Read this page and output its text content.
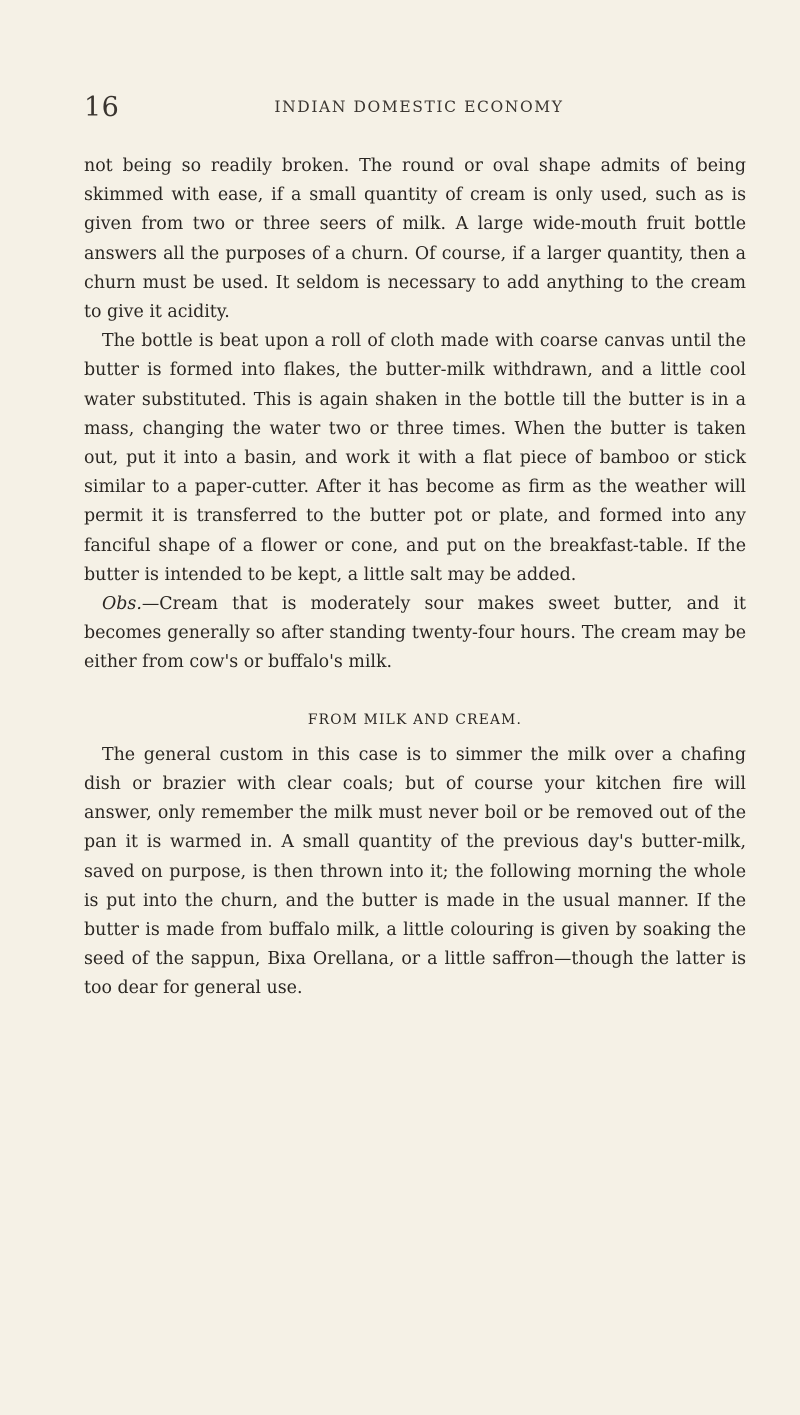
16	INDIAN DOMESTIC ECONOMY

not being so readily broken. The round or oval shape admits of being skimmed with ease, if a small quantity of cream is only used, such as is given from two or three seers of milk. A large wide-mouth fruit bottle answers all the purposes of a churn. Of course, if a larger quantity, then a churn must be used. It seldom is necessary to add anything to the cream to give it acidity.

The bottle is beat upon a roll of cloth made with coarse canvas until the butter is formed into flakes, the butter-milk withdrawn, and a little cool water substituted. This is again shaken in the bottle till the butter is in a mass, changing the water two or three times. When the butter is taken out, put it into a basin, and work it with a flat piece of bamboo or stick similar to a paper-cutter. After it has become as firm as the weather will permit it is transferred to the butter pot or plate, and formed into any fanciful shape of a flower or cone, and put on the breakfast-table. If the butter is intended to be kept, a little salt may be added.

Obs.—Cream that is moderately sour makes sweet butter, and it becomes generally so after standing twenty-four hours. The cream may be either from cow's or buffalo's milk.

FROM MILK AND CREAM.

The general custom in this case is to simmer the milk over a chafing dish or brazier with clear coals; but of course your kitchen fire will answer, only remember the milk must never boil or be removed out of the pan it is warmed in. A small quantity of the previous day's butter-milk, saved on purpose, is then thrown into it; the following morning the whole is put into the churn, and the butter is made in the usual manner. If the butter is made from buffalo milk, a little colouring is given by soaking the seed of the sappun, Bixa Orellana, or a little saffron—though the latter is too dear for general use.
